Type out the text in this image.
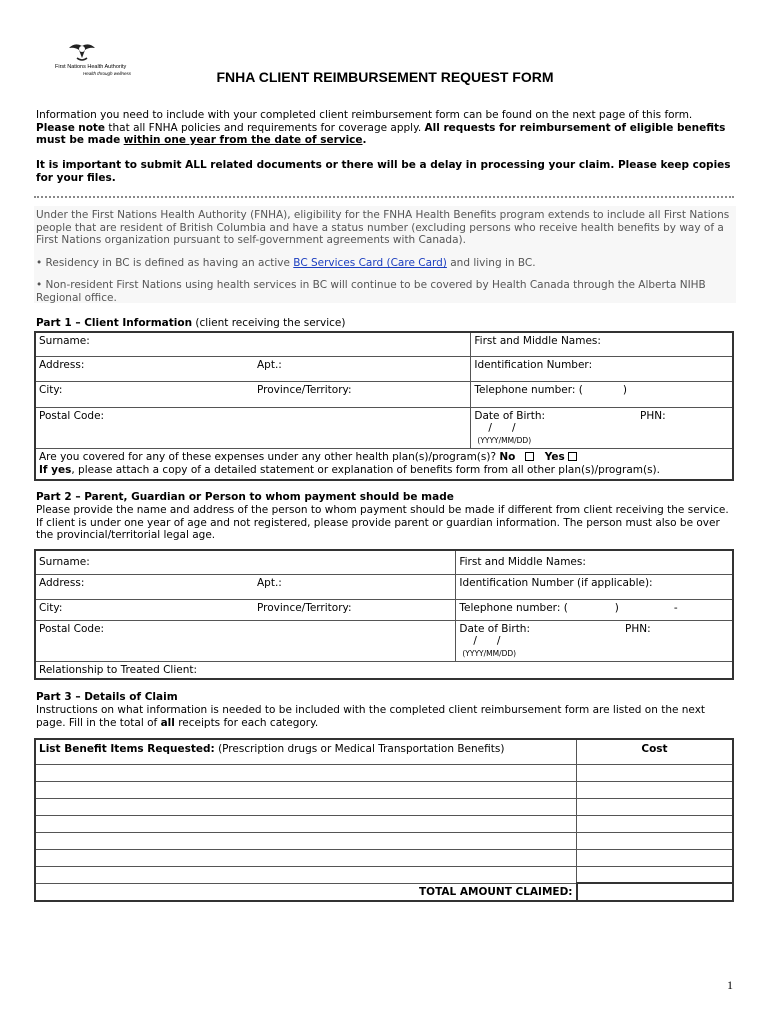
First Nations Health Authority
Health through wellness	FNHA CLIENT REIMBURSEMENT REQUEST FORM
Information you need to include with your completed client reimbursement form can be found on the next page of this form.  Please note that all FNHA policies and requirements for coverage apply. All requests for reimbursement of eligible benefits must be made within one year from the date of service.
It is important to submit ALL related documents or there will be a delay in processing your claim. Please keep copies for your files.
Under the First Nations Health Authority (FNHA), eligibility for the FNHA Health Benefits program extends to include all First Nations people that are resident of British Columbia and have a status number (excluding persons who receive health benefits by way of a First Nations organization pursuant to self-government agreements with Canada).
• Residency in BC is defined as having an active BC Services Card (Care Card) and living in BC.
• Non-resident First Nations using health services in BC will continue to be covered by Health Canada through the Alberta NIHB Regional office.
Part 1 – Client Information (client receiving the service)
Surname:		First and Middle Names:
Address:	Apt.:	Identification Number:
City:	Province/Territory:	Telephone number: ( )
Postal Code:		Date of Birth: PHN:
/      /
(YYYY/MM/DD)
Are you covered for any of these expenses under any other health plan(s)/program(s)? No Yes
If yes, please attach a copy of a detailed statement or explanation of benefits form from all other plan(s)/program(s).		
Part 2 – Parent, Guardian or Person to whom payment should be made
Please provide the name and address of the person to whom payment should be made if different from client receiving the service. If client is under one year of age and not registered, please provide parent or guardian information. The person must also be over the provincial/territorial legal age.
Surname:		First and Middle Names:
Address:	Apt.:	Identification Number (if applicable):
City:	Province/Territory:	Telephone number: ( ) -
Postal Code:		Date of Birth: PHN:
/      /
(YYYY/MM/DD)
Relationship to Treated Client:		
Part 3 – Details of Claim
Instructions on what information is needed to be included with the completed client reimbursement form are listed on the next page. Fill in the total of all receipts for each category.
List Benefit Items Requested: (Prescription drugs or Medical Transportation Benefits)	Cost

TOTAL AMOUNT CLAIMED:	
1
